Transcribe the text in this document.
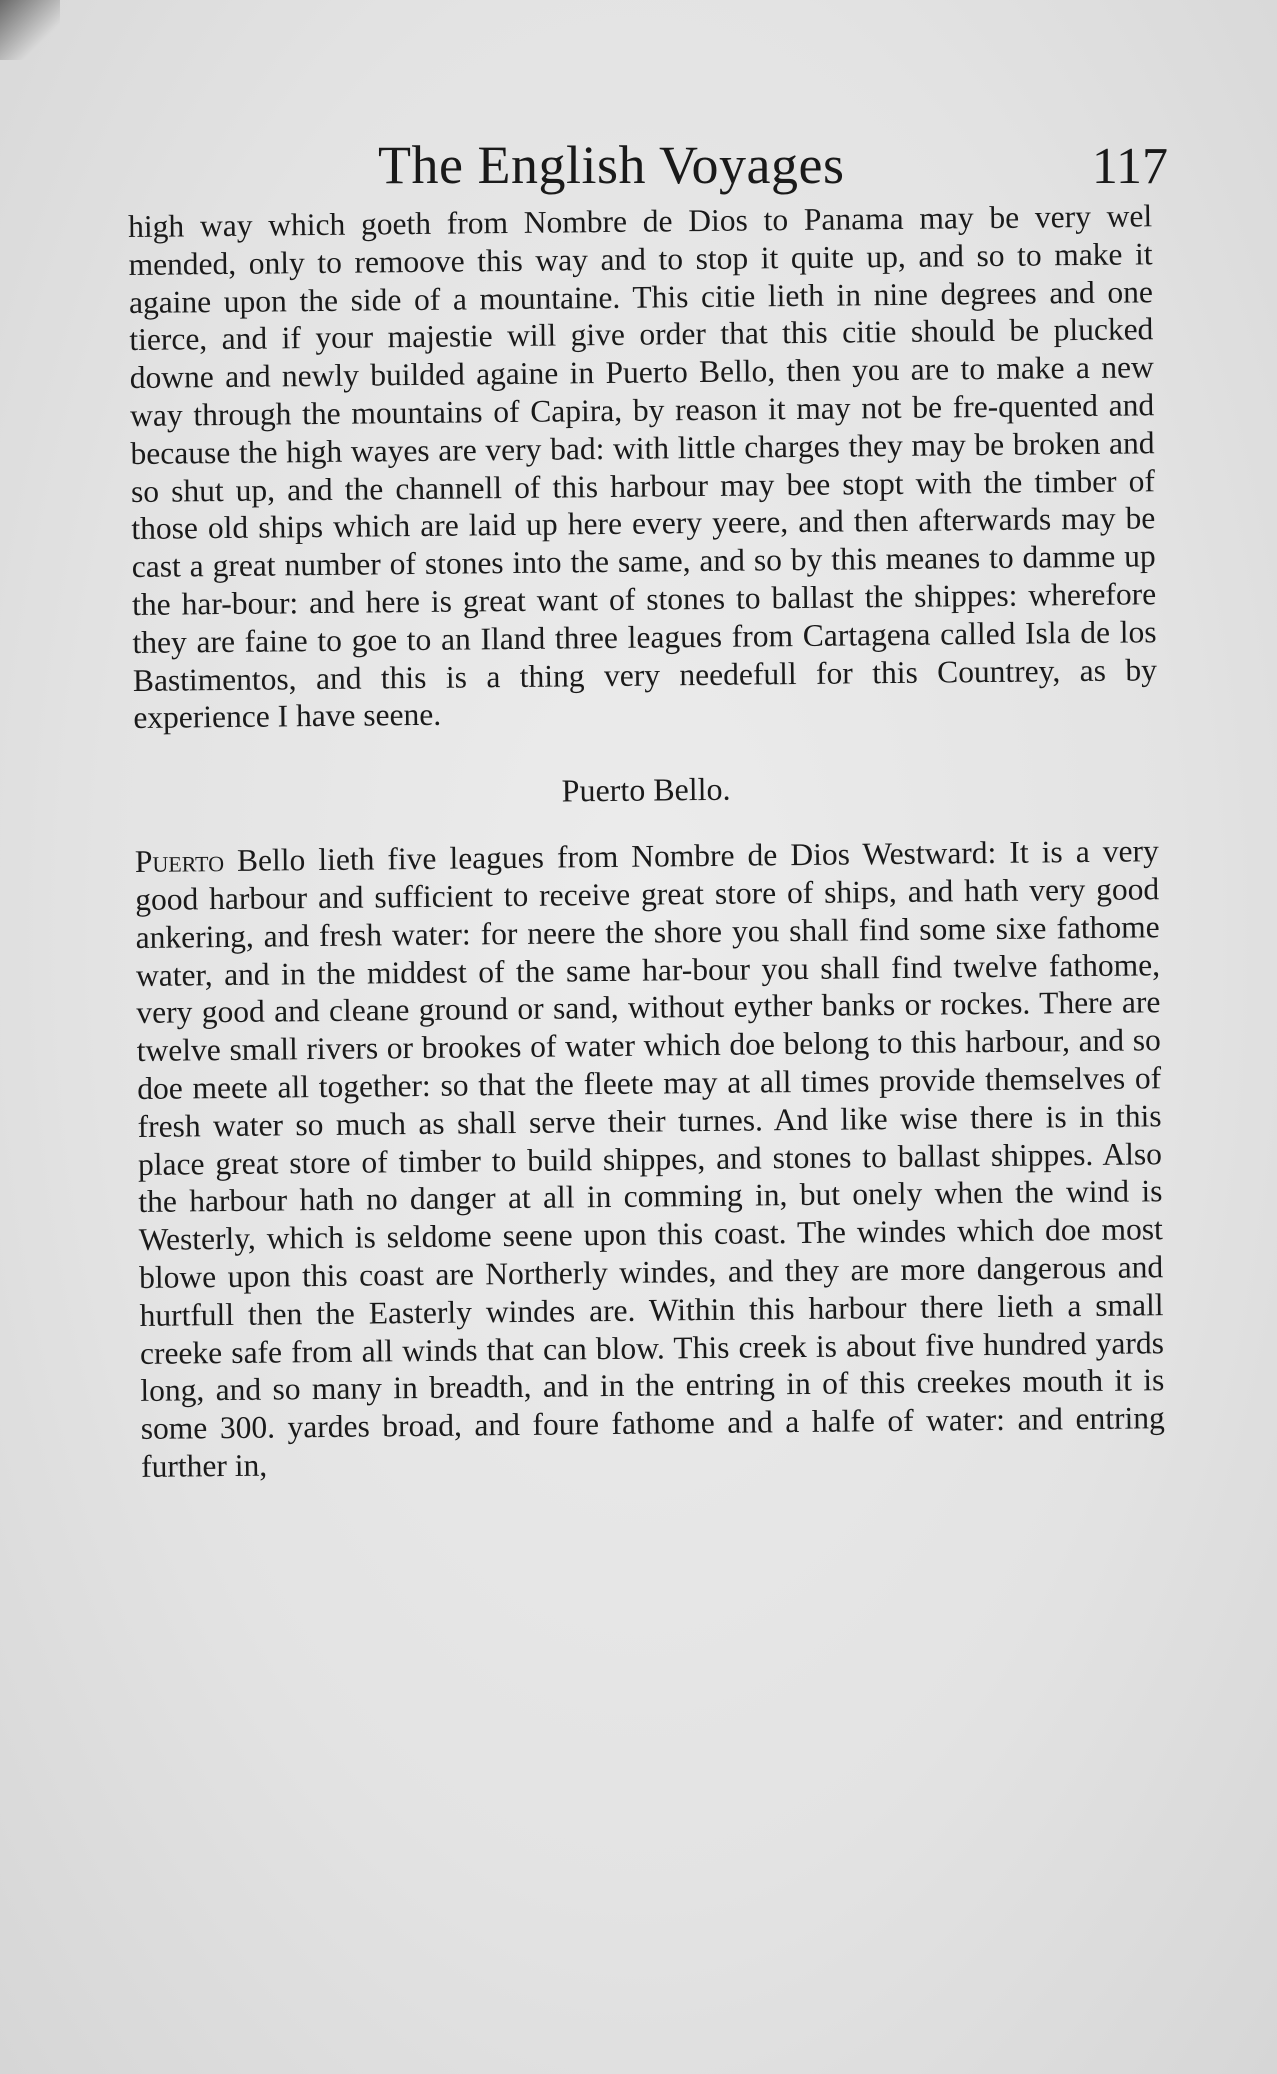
The English Voyages	117

high way which goeth from Nombre de Dios to Panama may be very wel mended, only to remoove this way and to stop it quite up, and so to make it againe upon the side of a mountaine. This citie lieth in nine degrees and one tierce, and if your majestie will give order that this citie should be plucked downe and newly builded againe in Puerto Bello, then you are to make a new way through the mountains of Capira, by reason it may not be fre-quented and because the high wayes are very bad: with little charges they may be broken and so shut up, and the channell of this harbour may bee stopt with the timber of those old ships which are laid up here every yeere, and then afterwards may be cast a great number of stones into the same, and so by this meanes to damme up the har-bour: and here is great want of stones to ballast the shippes: wherefore they are faine to goe to an Iland three leagues from Cartagena called Isla de los Bastimentos, and this is a thing very needefull for this Countrey, as by experience I have seene.

Puerto Bello.

Puerto Bello lieth five leagues from Nombre de Dios Westward: It is a very good harbour and sufficient to receive great store of ships, and hath very good ankering, and fresh water: for neere the shore you shall find some sixe fathome water, and in the middest of the same har-bour you shall find twelve fathome, very good and cleane ground or sand, without eyther banks or rockes. There are twelve small rivers or brookes of water which doe belong to this harbour, and so doe meete all together: so that the fleete may at all times provide themselves of fresh water so much as shall serve their turnes. And like wise there is in this place great store of timber to build shippes, and stones to ballast shippes. Also the harbour hath no danger at all in comming in, but onely when the wind is Westerly, which is seldome seene upon this coast. The windes which doe most blowe upon this coast are Northerly windes, and they are more dangerous and hurtfull then the Easterly windes are. Within this harbour there lieth a small creeke safe from all winds that can blow. This creek is about five hundred yards long, and so many in breadth, and in the entring in of this creekes mouth it is some 300. yardes broad, and foure fathome and a halfe of water: and entring further in,
